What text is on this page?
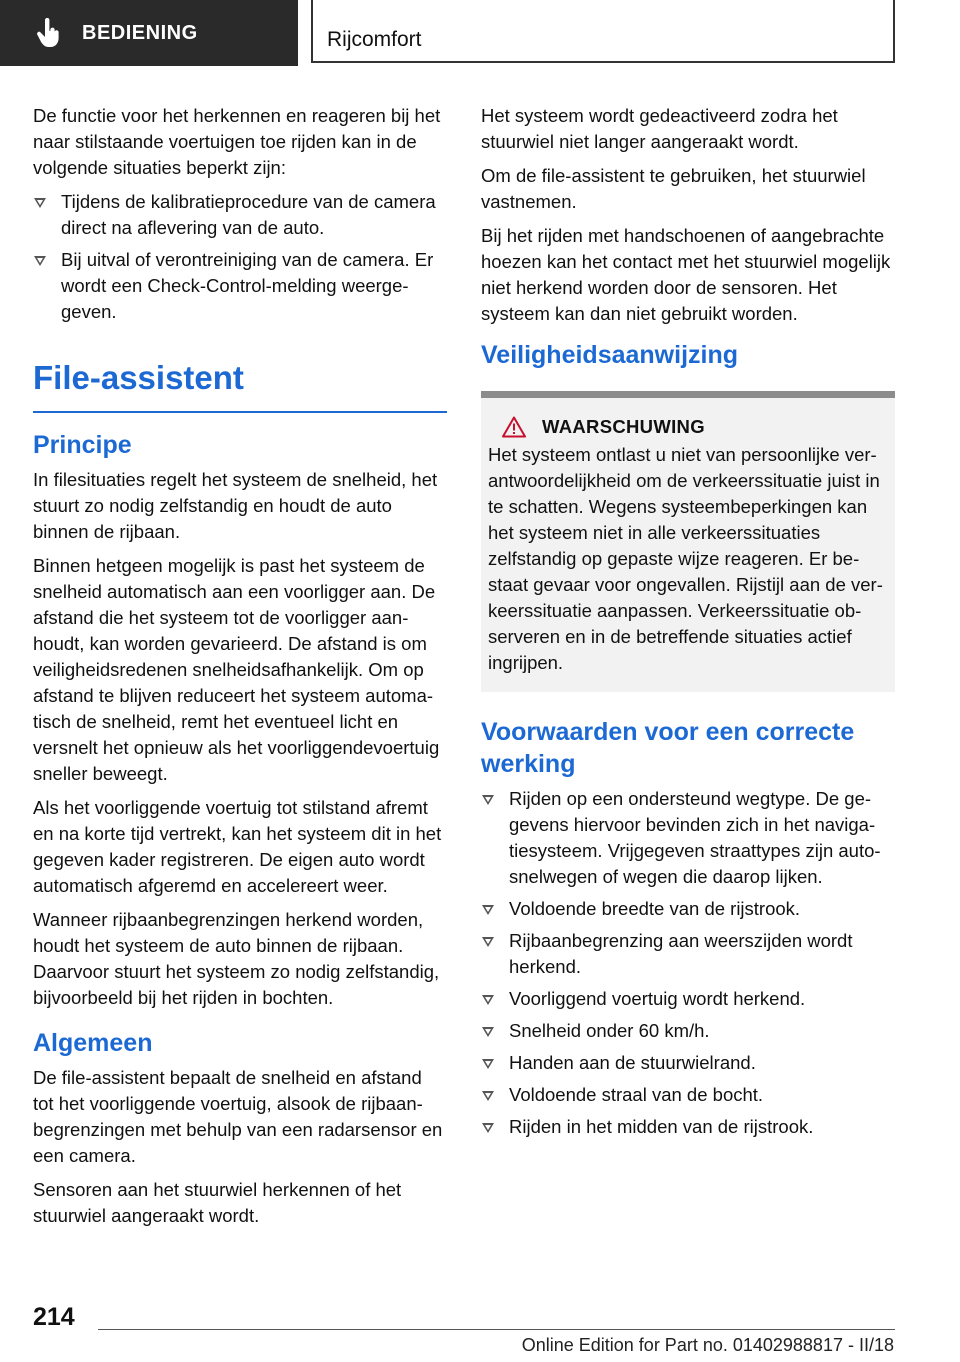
BEDIENING	Rijcomfort

De functie voor het herkennen en reageren bij het naar stilstaande voertuigen toe rijden kan in de volgende situaties beperkt zijn:

Tijdens de kalibratieprocedure van de camera direct na aflevering van de auto.
Bij uitval of verontreiniging van de camera. Er wordt een Check-Control-melding weergegeven.
File-assistent
Principe

In filesituaties regelt het systeem de snelheid, het stuurt zo nodig zelfstandig en houdt de auto binnen de rijbaan.

Binnen hetgeen mogelijk is past het systeem de snelheid automatisch aan een voorligger aan. De afstand die het systeem tot de voorligger aanhoudt, kan worden gevarieerd. De afstand is om veiligheidsredenen snelheidsafhankelijk. Om op afstand te blijven reduceert het systeem automatisch de snelheid, remt het eventueel licht en versnelt het opnieuw als het voorliggendevoertuig sneller beweegt.

Als het voorliggende voertuig tot stilstand afremt en na korte tijd vertrekt, kan het systeem dit in het gegeven kader registreren. De eigen auto wordt automatisch afgeremd en accelereert weer.

Wanneer rijbaanbegrenzingen herkend worden, houdt het systeem de auto binnen de rijbaan. Daarvoor stuurt het systeem zo nodig zelfstandig, bijvoorbeeld bij het rijden in bochten.

Algemeen

De file-assistent bepaalt de snelheid en afstand tot het voorliggende voertuig, alsook de rijbaanbegrenzingen met behulp van een radarsensor en een camera.

Sensoren aan het stuurwiel herkennen of het stuurwiel aangeraakt wordt.

Het systeem wordt gedeactiveerd zodra het stuurwiel niet langer aangeraakt wordt.

Om de file-assistent te gebruiken, het stuurwiel vastnemen.

Bij het rijden met handschoenen of aangebrachte hoezen kan het contact met het stuurwiel mogelijk niet herkend worden door de sensoren. Het systeem kan dan niet gebruikt worden.

Veiligheidsaanwijzing
WAARSCHUWING

Het systeem ontlast u niet van persoonlijke verantwoordelijkheid om de verkeerssituatie juist in te schatten. Wegens systeembeperkingen kan het systeem niet in alle verkeerssituaties zelfstandig op gepaste wijze reageren. Er bestaat gevaar voor ongevallen. Rijstijl aan de verkeerssituatie aanpassen. Verkeerssituatie observeren en in de betreffende situaties actief ingrijpen.

Voorwaarden voor een correcte werking
Rijden op een ondersteund wegtype. De gegevens hiervoor bevinden zich in het navigatiesysteem. Vrijgegeven straattypes zijn autosnelwegen of wegen die daarop lijken.
Voldoende breedte van de rijstrook.
Rijbaanbegrenzing aan weerszijden wordt herkend.
Voorliggend voertuig wordt herkend.
Snelheid onder 60 km/h.
Handen aan de stuurwielrand.
Voldoende straal van de bocht.
Rijden in het midden van de rijstrook.
214
Online Edition for Part no. 01402988817 - II/18
